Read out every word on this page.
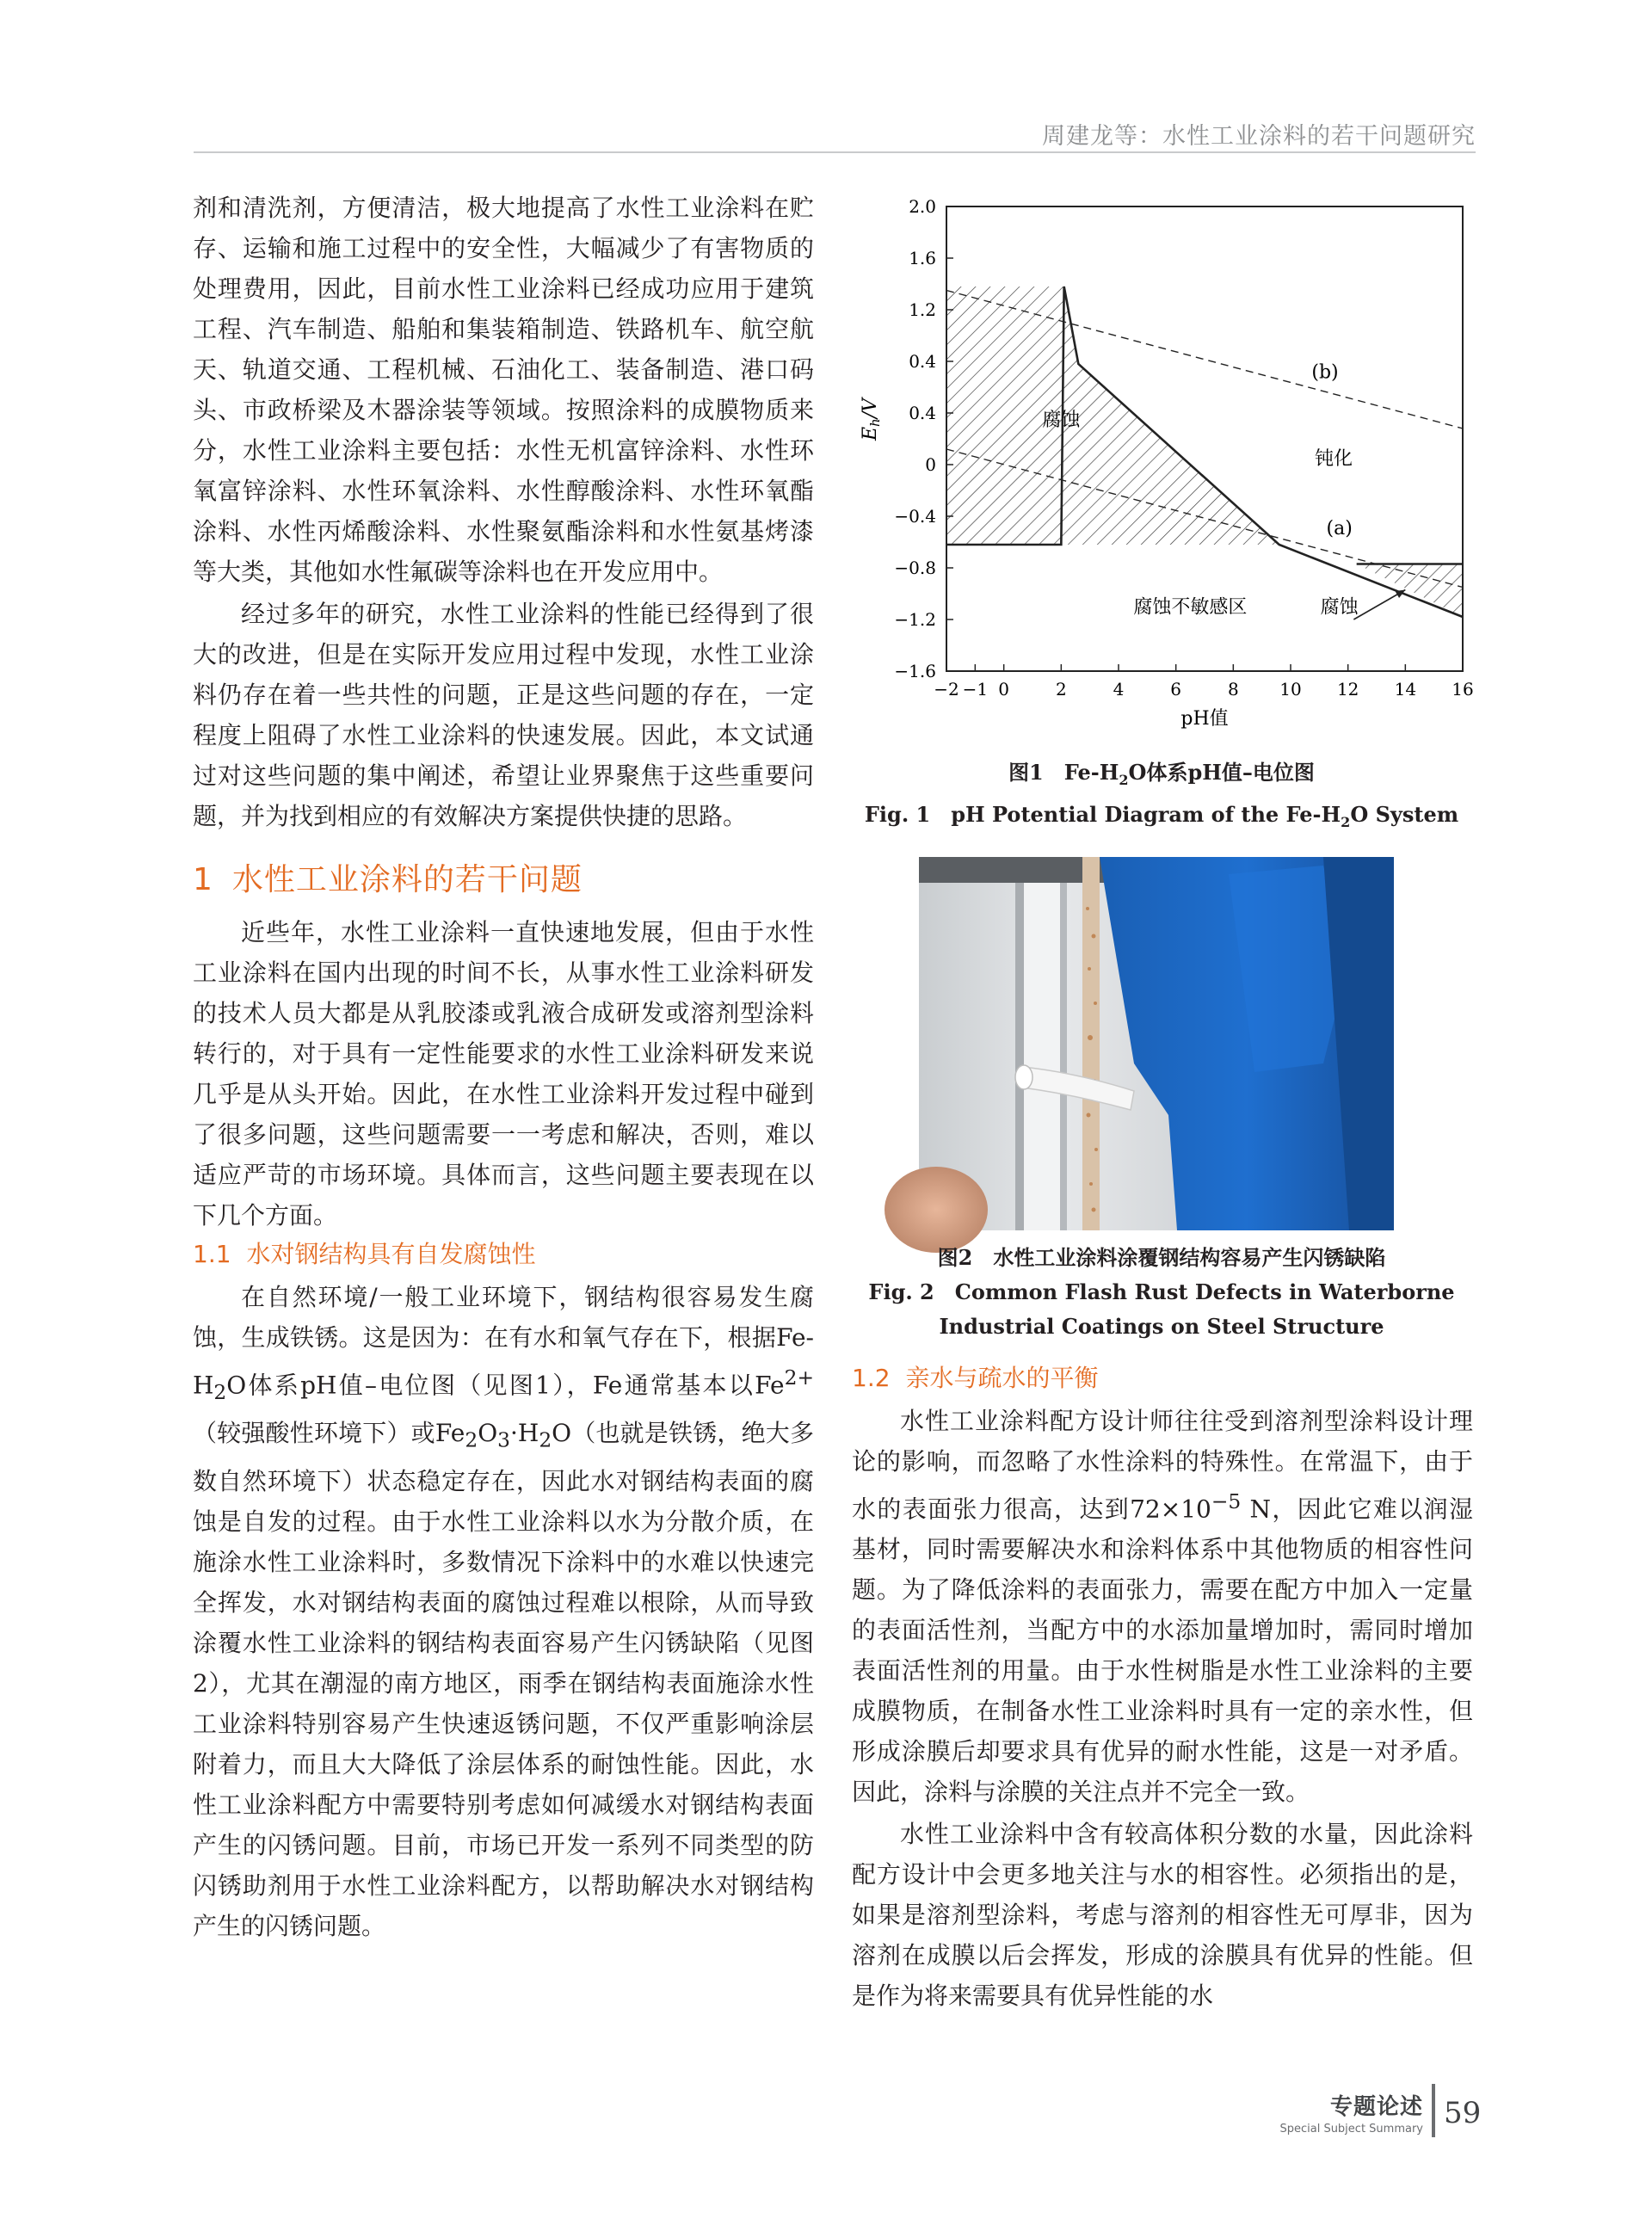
周建龙等：水性工业涂料的若干问题研究

剂和清洗剂，方便清洁，极大地提高了水性工业涂料在贮存、运输和施工过程中的安全性，大幅减少了有害物质的处理费用，因此，目前水性工业涂料已经成功应用于建筑工程、汽车制造、船舶和集装箱制造、铁路机车、航空航天、轨道交通、工程机械、石油化工、装备制造、港口码头、市政桥梁及木器涂装等领域。按照涂料的成膜物质来分，水性工业涂料主要包括：水性无机富锌涂料、水性环氧富锌涂料、水性环氧涂料、水性醇酸涂料、水性环氧酯涂料、水性丙烯酸涂料、水性聚氨酯涂料和水性氨基烤漆等大类，其他如水性氟碳等涂料也在开发应用中。

经过多年的研究，水性工业涂料的性能已经得到了很大的改进，但是在实际开发应用过程中发现，水性工业涂料仍存在着一些共性的问题，正是这些问题的存在，一定程度上阻碍了水性工业涂料的快速发展。因此，本文试通过对这些问题的集中阐述，希望让业界聚焦于这些重要问题，并为找到相应的有效解决方案提供快捷的思路。

1 水性工业涂料的若干问题

近些年，水性工业涂料一直快速地发展，但由于水性工业涂料在国内出现的时间不长，从事水性工业涂料研发的技术人员大都是从乳胶漆或乳液合成研发或溶剂型涂料转行的，对于具有一定性能要求的水性工业涂料研发来说几乎是从头开始。因此，在水性工业涂料开发过程中碰到了很多问题，这些问题需要一一考虑和解决，否则，难以适应严苛的市场环境。具体而言，这些问题主要表现在以下几个方面。

1.1 水对钢结构具有自发腐蚀性

在自然环境/一般工业环境下，钢结构很容易发生腐蚀，生成铁锈。这是因为：在有水和氧气存在下，根据$Fe-H_2O$体系pH值–电位图（见图1），Fe通常基本以$Fe^{2+}$（较强酸性环境下）或$Fe_2O_3\cdot H_2O$（也就是铁锈，绝大多数自然环境下）状态稳定存在，因此水对钢结构表面的腐蚀是自发的过程。由于水性工业涂料以水为分散介质，在施涂水性工业涂料时，多数情况下涂料中的水难以快速完全挥发，水对钢结构表面的腐蚀过程难以根除，从而导致涂覆水性工业涂料的钢结构表面容易产生闪锈缺陷（见图2），尤其在潮湿的南方地区，雨季在钢结构表面施涂水性工业涂料特别容易产生快速返锈问题，不仅严重影响涂层附着力，而且大大降低了涂层体系的耐蚀性能。因此，水性工业涂料配方中需要特别考虑如何减缓水对钢结构表面产生的闪锈问题。目前，市场已开发一系列不同类型的防闪锈助剂用于水性工业涂料配方，以帮助解决水对钢结构产生的闪锈问题。

−2 −1 0	2	4	6	8 10 12 14 16
2.0
1.6
1.2
0.4
0.4
0
−0.4
−0.8
−1.2
−1.6
腐蚀
钝化
腐蚀不敏感区	腐蚀
(a)
(b)
pH值
Eh/V
图1　$Fe-H_2O$体系pH值–电位图
Fig. 1　pH Potential Diagram of the $Fe-H_2O$ System
图2　水性工业涂料涂覆钢结构容易产生闪锈缺陷
Fig. 2　Common Flash Rust Defects in Waterborne
Industrial Coatings on Steel Structure
1.2 亲水与疏水的平衡

水性工业涂料配方设计师往往受到溶剂型涂料设计理论的影响，而忽略了水性涂料的特殊性。在常温下，由于水的表面张力很高，达到$72\times 10^{-5}$ N，因此它难以润湿基材，同时需要解决水和涂料体系中其他物质的相容性问题。为了降低涂料的表面张力，需要在配方中加入一定量的表面活性剂，当配方中的水添加量增加时，需同时增加表面活性剂的用量。由于水性树脂是水性工业涂料的主要成膜物质，在制备水性工业涂料时具有一定的亲水性，但形成涂膜后却要求具有优异的耐水性能，这是一对矛盾。因此，涂料与涂膜的关注点并不完全一致。

水性工业涂料中含有较高体积分数的水量，因此涂料配方设计中会更多地关注与水的相容性。必须指出的是，如果是溶剂型涂料，考虑与溶剂的相容性无可厚非，因为溶剂在成膜以后会挥发，形成的涂膜具有优异的性能。但是作为将来需要具有优异性能的水

专题论述
Special Subject Summary 59
